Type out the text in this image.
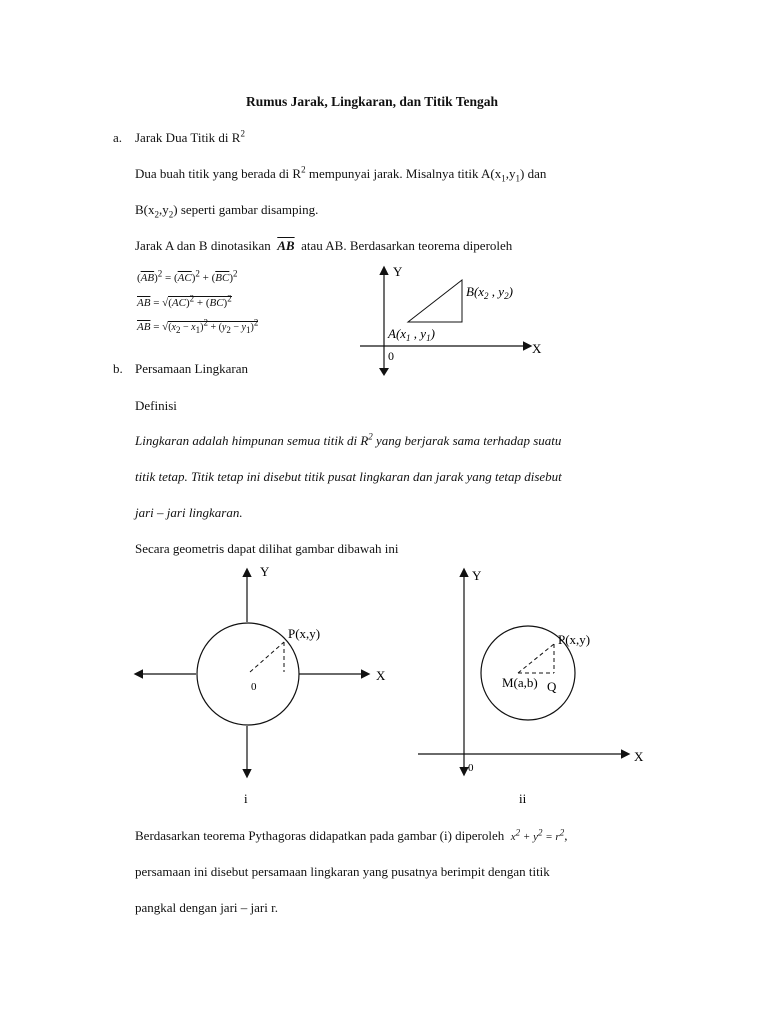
Rumus Jarak, Lingkaran, dan Titik Tengah
a. Jarak Dua Titik di $R^2$
Dua buah titik yang berada di $R^2$ mempunyai jarak. Misalnya titik $A(x_1,y_1)$ dan
$B(x_2,y_2)$ seperti gambar disamping.
Jarak A dan B dinotasikan $\overline{AB}$ atau AB. Berdasarkan teorema diperoleh
$(\overline{AB})^2 = (\overline{AC})^2 + (\overline{BC})^2$
$\overline{AB} = √(\overline{AC})^2 + (\overline{BC})^2$
$\overline{AB} = √(x_2 - x_1)^2 + (y_2 - y_1)^2$
Y
X
0
$B(x_2$ , $y_2$)
$A(x_1$ , $y_1$)
b. Persamaan Lingkaran
Definisi
Lingkaran adalah himpunan semua titik di $R^2$ yang berjarak sama terhadap suatu
titik tetap. Titik tetap ini disebut titik pusat lingkaran dan jarak yang tetap disebut
jari – jari lingkaran.
Secara geometris dapat dilihat gambar dibawah ini
Y
X
0
P(x,y)
i
Y
X
0
P(x,y)
M(a,b) Q
ii
Berdasarkan teorema Pythagoras didapatkan pada gambar (i) diperoleh $x^2 + y^2 = r^2$,
persamaan ini disebut persamaan lingkaran yang pusatnya berimpit dengan titik
pangkal dengan jari – jari r.
